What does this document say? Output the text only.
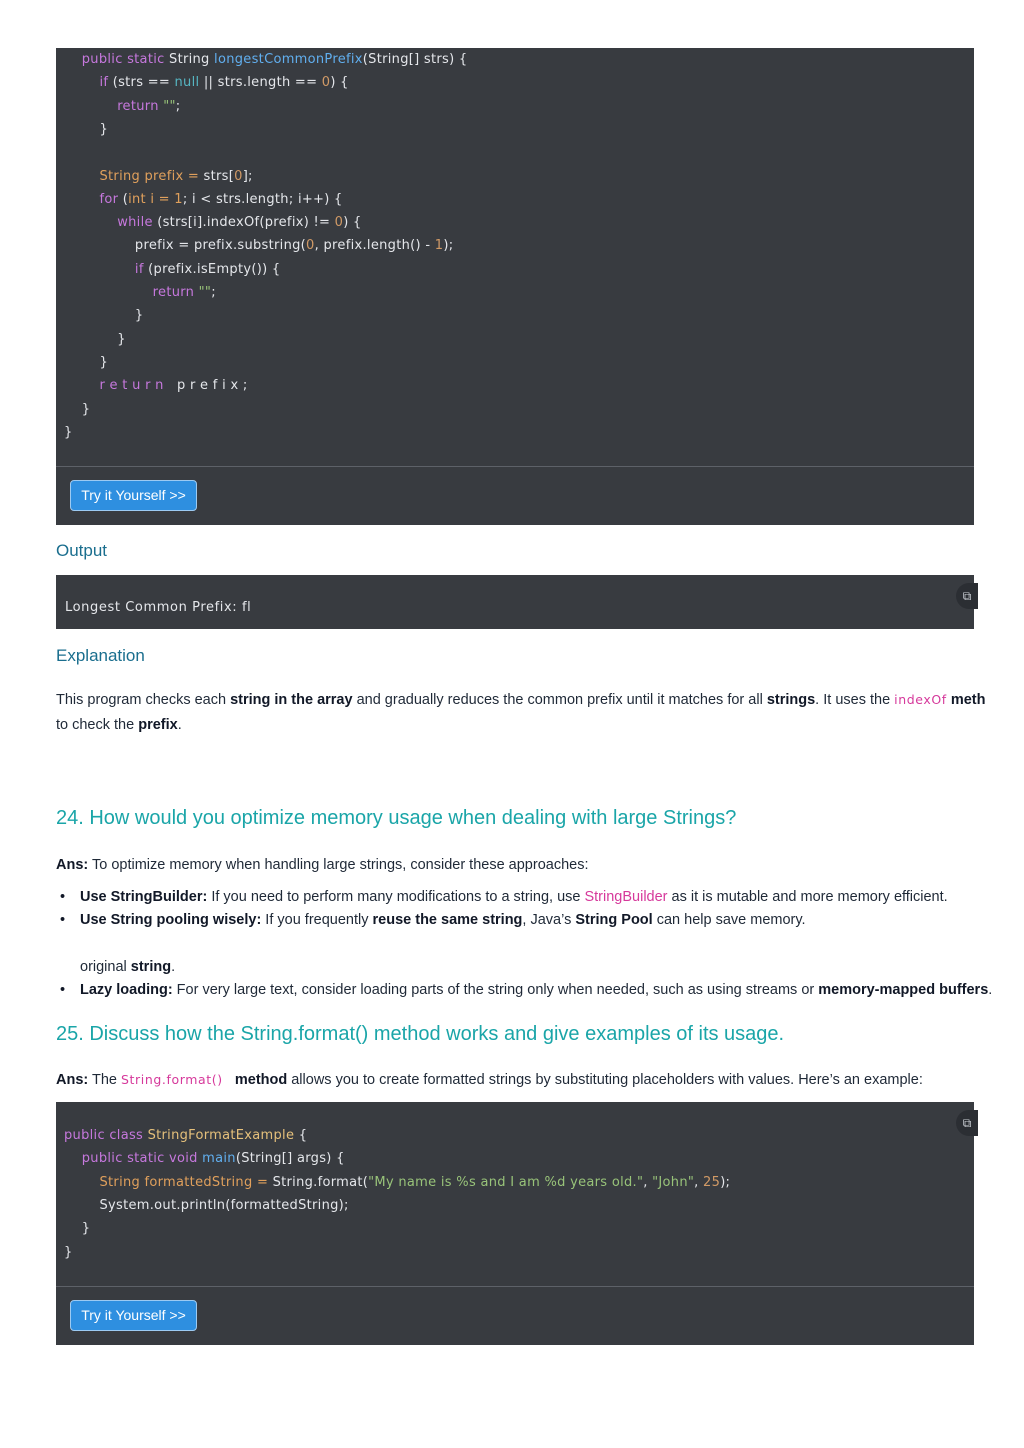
public static String longestCommonPrefix(String[] strs) {
if (strs == null || strs.length == 0) {
return "";
}
String prefix = strs[0];
for (int i = 1; i < strs.length; i++) {
while (strs[i].indexOf(prefix) != 0) {
prefix = prefix.substring(0, prefix.length() - 1);
if (prefix.isEmpty()) {
return "";
}
}
}
r e t u r n   p r e f i x ;
}
}
Try it Yourself >>
Output
⧉
Longest Common Prefix: fl
Explanation
This program checks each string in the array and gradually reduces the common prefix until it matches for all strings. It uses the indexOf meth
to check the prefix.
24. How would you optimize memory usage when dealing with large Strings?
Ans: To optimize memory when handling large strings, consider these approaches:
Use StringBuilder: If you need to perform many modifications to a string, use StringBuilder as it is mutable and more memory efficient.
Use String pooling wisely: If you frequently reuse the same string, Java’s String Pool can help save memory.
original string.
Lazy loading: For very large text, consider loading parts of the string only when needed, such as using streams or memory-mapped buffers.
25. Discuss how the String.format() method works and give examples of its usage.
Ans: The String.format() method allows you to create formatted strings by substituting placeholders with values. Here’s an example:
⧉
public class StringFormatExample {
public static void main(String[] args) {
String formattedString = String.format("My name is %s and I am %d years old.", "John", 25);
System.out.println(formattedString);
}
}
Try it Yourself >>
